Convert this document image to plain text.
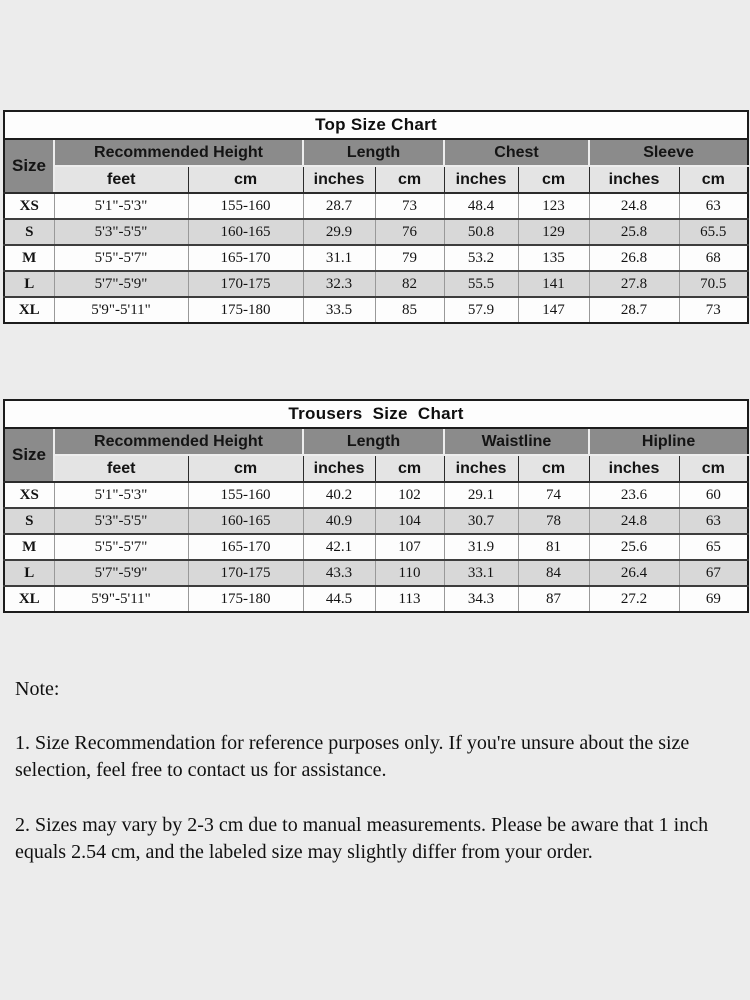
Top Size Chart								
Size	Recommended Height		Length		Chest		Sleeve	
	feet	cm	inches	cm	inches	cm	inches	cm
XS	5'1"-5'3"	155-160	28.7	73	48.4	123	24.8	63
S	5'3"-5'5"	160-165	29.9	76	50.8	129	25.8	65.5
M	5'5"-5'7"	165-170	31.1	79	53.2	135	26.8	68
L	5'7"-5'9"	170-175	32.3	82	55.5	141	27.8	70.5
XL	5'9"-5'11"	175-180	33.5	85	57.9	147	28.7	73
Trousers  Size  Chart								
Size	Recommended Height		Length		Waistline		Hipline	
	feet	cm	inches	cm	inches	cm	inches	cm
XS	5'1"-5'3"	155-160	40.2	102	29.1	74	23.6	60
S	5'3"-5'5"	160-165	40.9	104	30.7	78	24.8	63
M	5'5"-5'7"	165-170	42.1	107	31.9	81	25.6	65
L	5'7"-5'9"	170-175	43.3	110	33.1	84	26.4	67
XL	5'9"-5'11"	175-180	44.5	113	34.3	87	27.2	69
Note:

1. Size Recommendation for reference purposes only. If you're unsure about the size selection, feel free to contact us for assistance.

2. Sizes may vary by 2-3 cm due to manual measurements. Please be aware that 1 inch equals 2.54 cm, and the labeled size may slightly differ from your order.
